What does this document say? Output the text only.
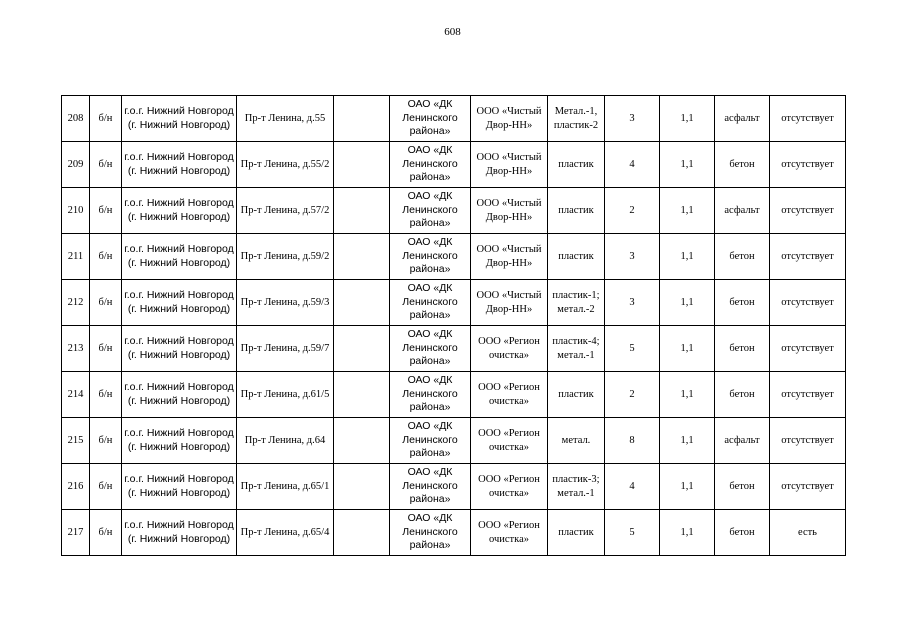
608
208	б/н	г.о.г. Нижний Новгород (г. Нижний Новгород)	Пр-т Ленина, д.55		ОАО «ДК Ленинского района»	ООО «Чистый Двор-НН»	Метал.-1, пластик-2	3	1,1	асфальт	отсутствует
209	б/н	г.о.г. Нижний Новгород (г. Нижний Новгород)	Пр-т Ленина, д.55/2		ОАО «ДК Ленинского района»	ООО «Чистый Двор-НН»	пластик	4	1,1	бетон	отсутствует
210	б/н	г.о.г. Нижний Новгород (г. Нижний Новгород)	Пр-т Ленина, д.57/2		ОАО «ДК Ленинского района»	ООО «Чистый Двор-НН»	пластик	2	1,1	асфальт	отсутствует
211	б/н	г.о.г. Нижний Новгород (г. Нижний Новгород)	Пр-т Ленина, д.59/2		ОАО «ДК Ленинского района»	ООО «Чистый Двор-НН»	пластик	3	1,1	бетон	отсутствует
212	б/н	г.о.г. Нижний Новгород (г. Нижний Новгород)	Пр-т Ленина, д.59/3		ОАО «ДК Ленинского района»	ООО «Чистый Двор-НН»	пластик-1; метал.-2	3	1,1	бетон	отсутствует
213	б/н	г.о.г. Нижний Новгород (г. Нижний Новгород)	Пр-т Ленина, д.59/7		ОАО «ДК Ленинского района»	ООО «Регион очистка»	пластик-4; метал.-1	5	1,1	бетон	отсутствует
214	б/н	г.о.г. Нижний Новгород (г. Нижний Новгород)	Пр-т Ленина, д.61/5		ОАО «ДК Ленинского района»	ООО «Регион очистка»	пластик	2	1,1	бетон	отсутствует
215	б/н	г.о.г. Нижний Новгород (г. Нижний Новгород)	Пр-т Ленина, д.64		ОАО «ДК Ленинского района»	ООО «Регион очистка»	метал.	8	1,1	асфальт	отсутствует
216	б/н	г.о.г. Нижний Новгород (г. Нижний Новгород)	Пр-т Ленина, д.65/1		ОАО «ДК Ленинского района»	ООО «Регион очистка»	пластик-3; метал.-1	4	1,1	бетон	отсутствует
217	б/н	г.о.г. Нижний Новгород (г. Нижний Новгород)	Пр-т Ленина, д.65/4		ОАО «ДК Ленинского района»	ООО «Регион очистка»	пластик	5	1,1	бетон	есть
